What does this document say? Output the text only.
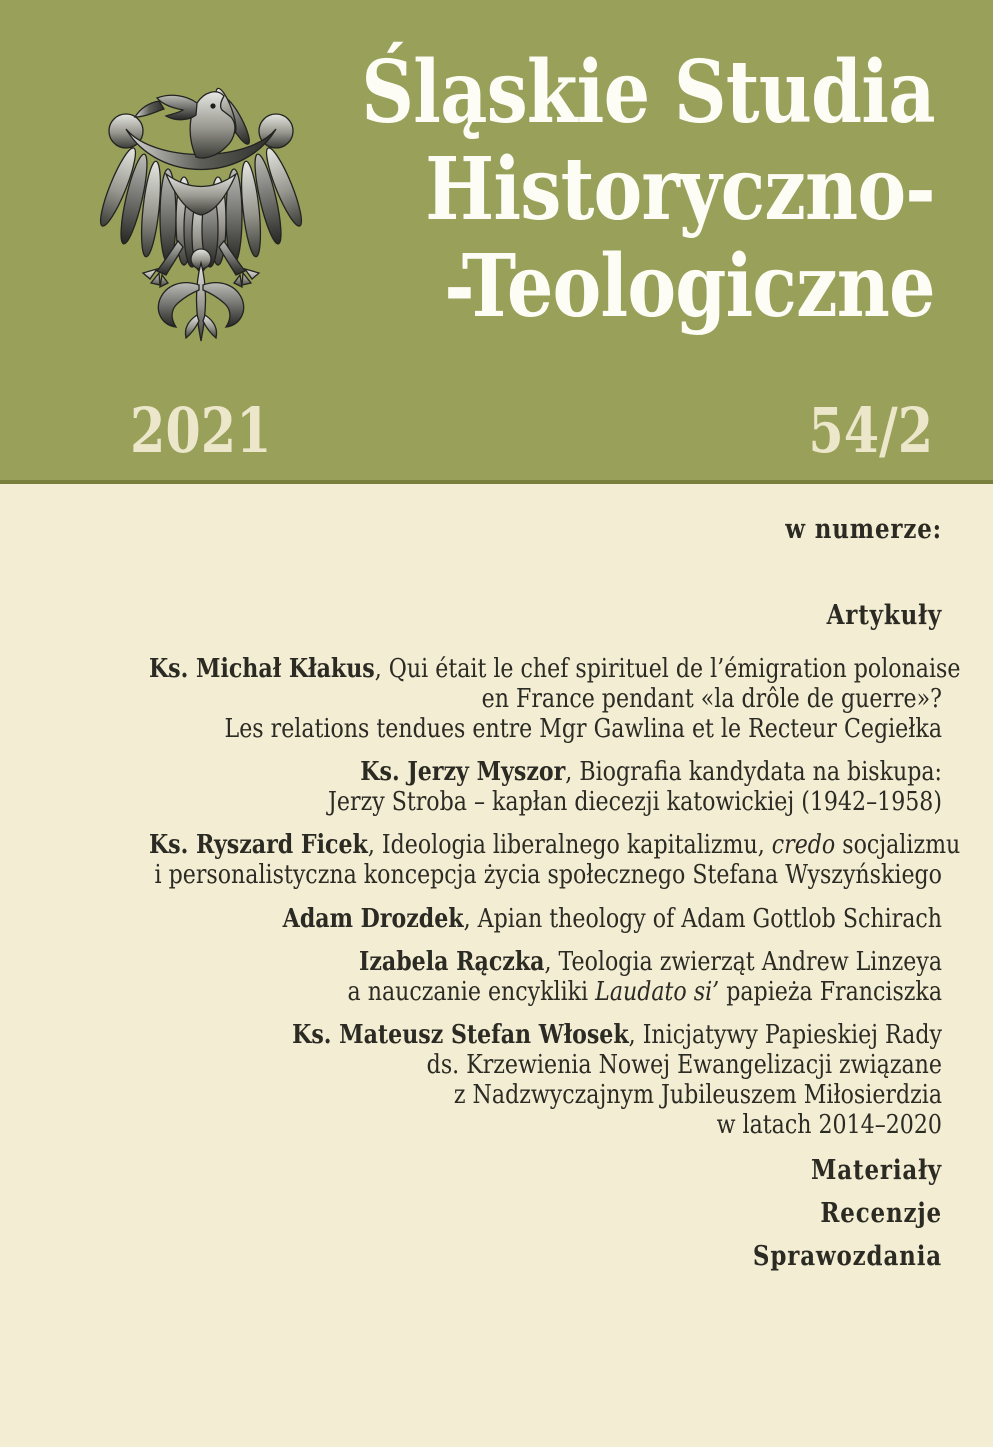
Śląskie Studia
Historyczno-
-Teologiczne
2021	54/2
w numerze:
Artykuły
Ks. Michał Kłakus, Qui était le chef spirituel de l’émigration polonaise
en France pendant «la drôle de guerre»?
Les relations tendues entre Mgr Gawlina et le Recteur Cegiełka
Ks. Jerzy Myszor, Biografia kandydata na biskupa:
Jerzy Stroba – kapłan diecezji katowickiej (1942–1958)
Ks. Ryszard Ficek, Ideologia liberalnego kapitalizmu, credo socjalizmu
i personalistyczna koncepcja życia społecznego Stefana Wyszyńskiego
Adam Drozdek, Apian theology of Adam Gottlob Schirach
Izabela Rączka, Teologia zwierząt Andrew Linzeya
a nauczanie encykliki Laudato si’ papieża Franciszka
Ks. Mateusz Stefan Włosek, Inicjatywy Papieskiej Rady
ds. Krzewienia Nowej Ewangelizacji związane
z Nadzwyczajnym Jubileuszem Miłosierdzia
w latach 2014–2020
Materiały
Recenzje
Sprawozdania
